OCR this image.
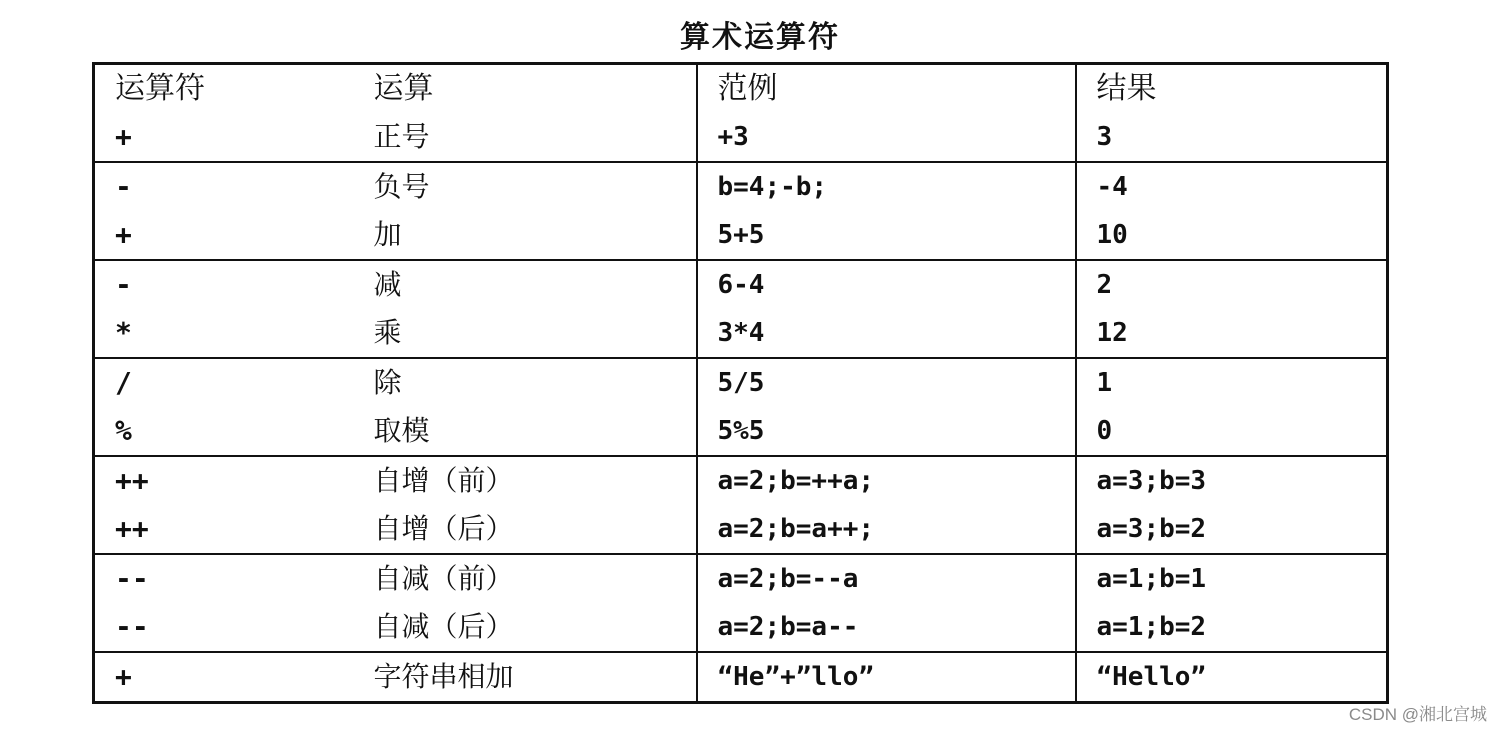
算术运算符
运算符	运算	范例	结果
+	正号	+3	3
-	负号	b=4;-b;	-4
+	加	5+5	10
-	减	6-4	2
*	乘	3*4	12
/	除	5/5	1
%	取模	5%5	0
++	自增（前）	a=2;b=++a;	a=3;b=3
++	自增（后）	a=2;b=a++;	a=3;b=2
--	自减（前）	a=2;b=--a	a=1;b=1
--	自减（后）	a=2;b=a--	a=1;b=2
+	字符串相加	“He”+”llo”	“Hello”
CSDN @湘北宫城
